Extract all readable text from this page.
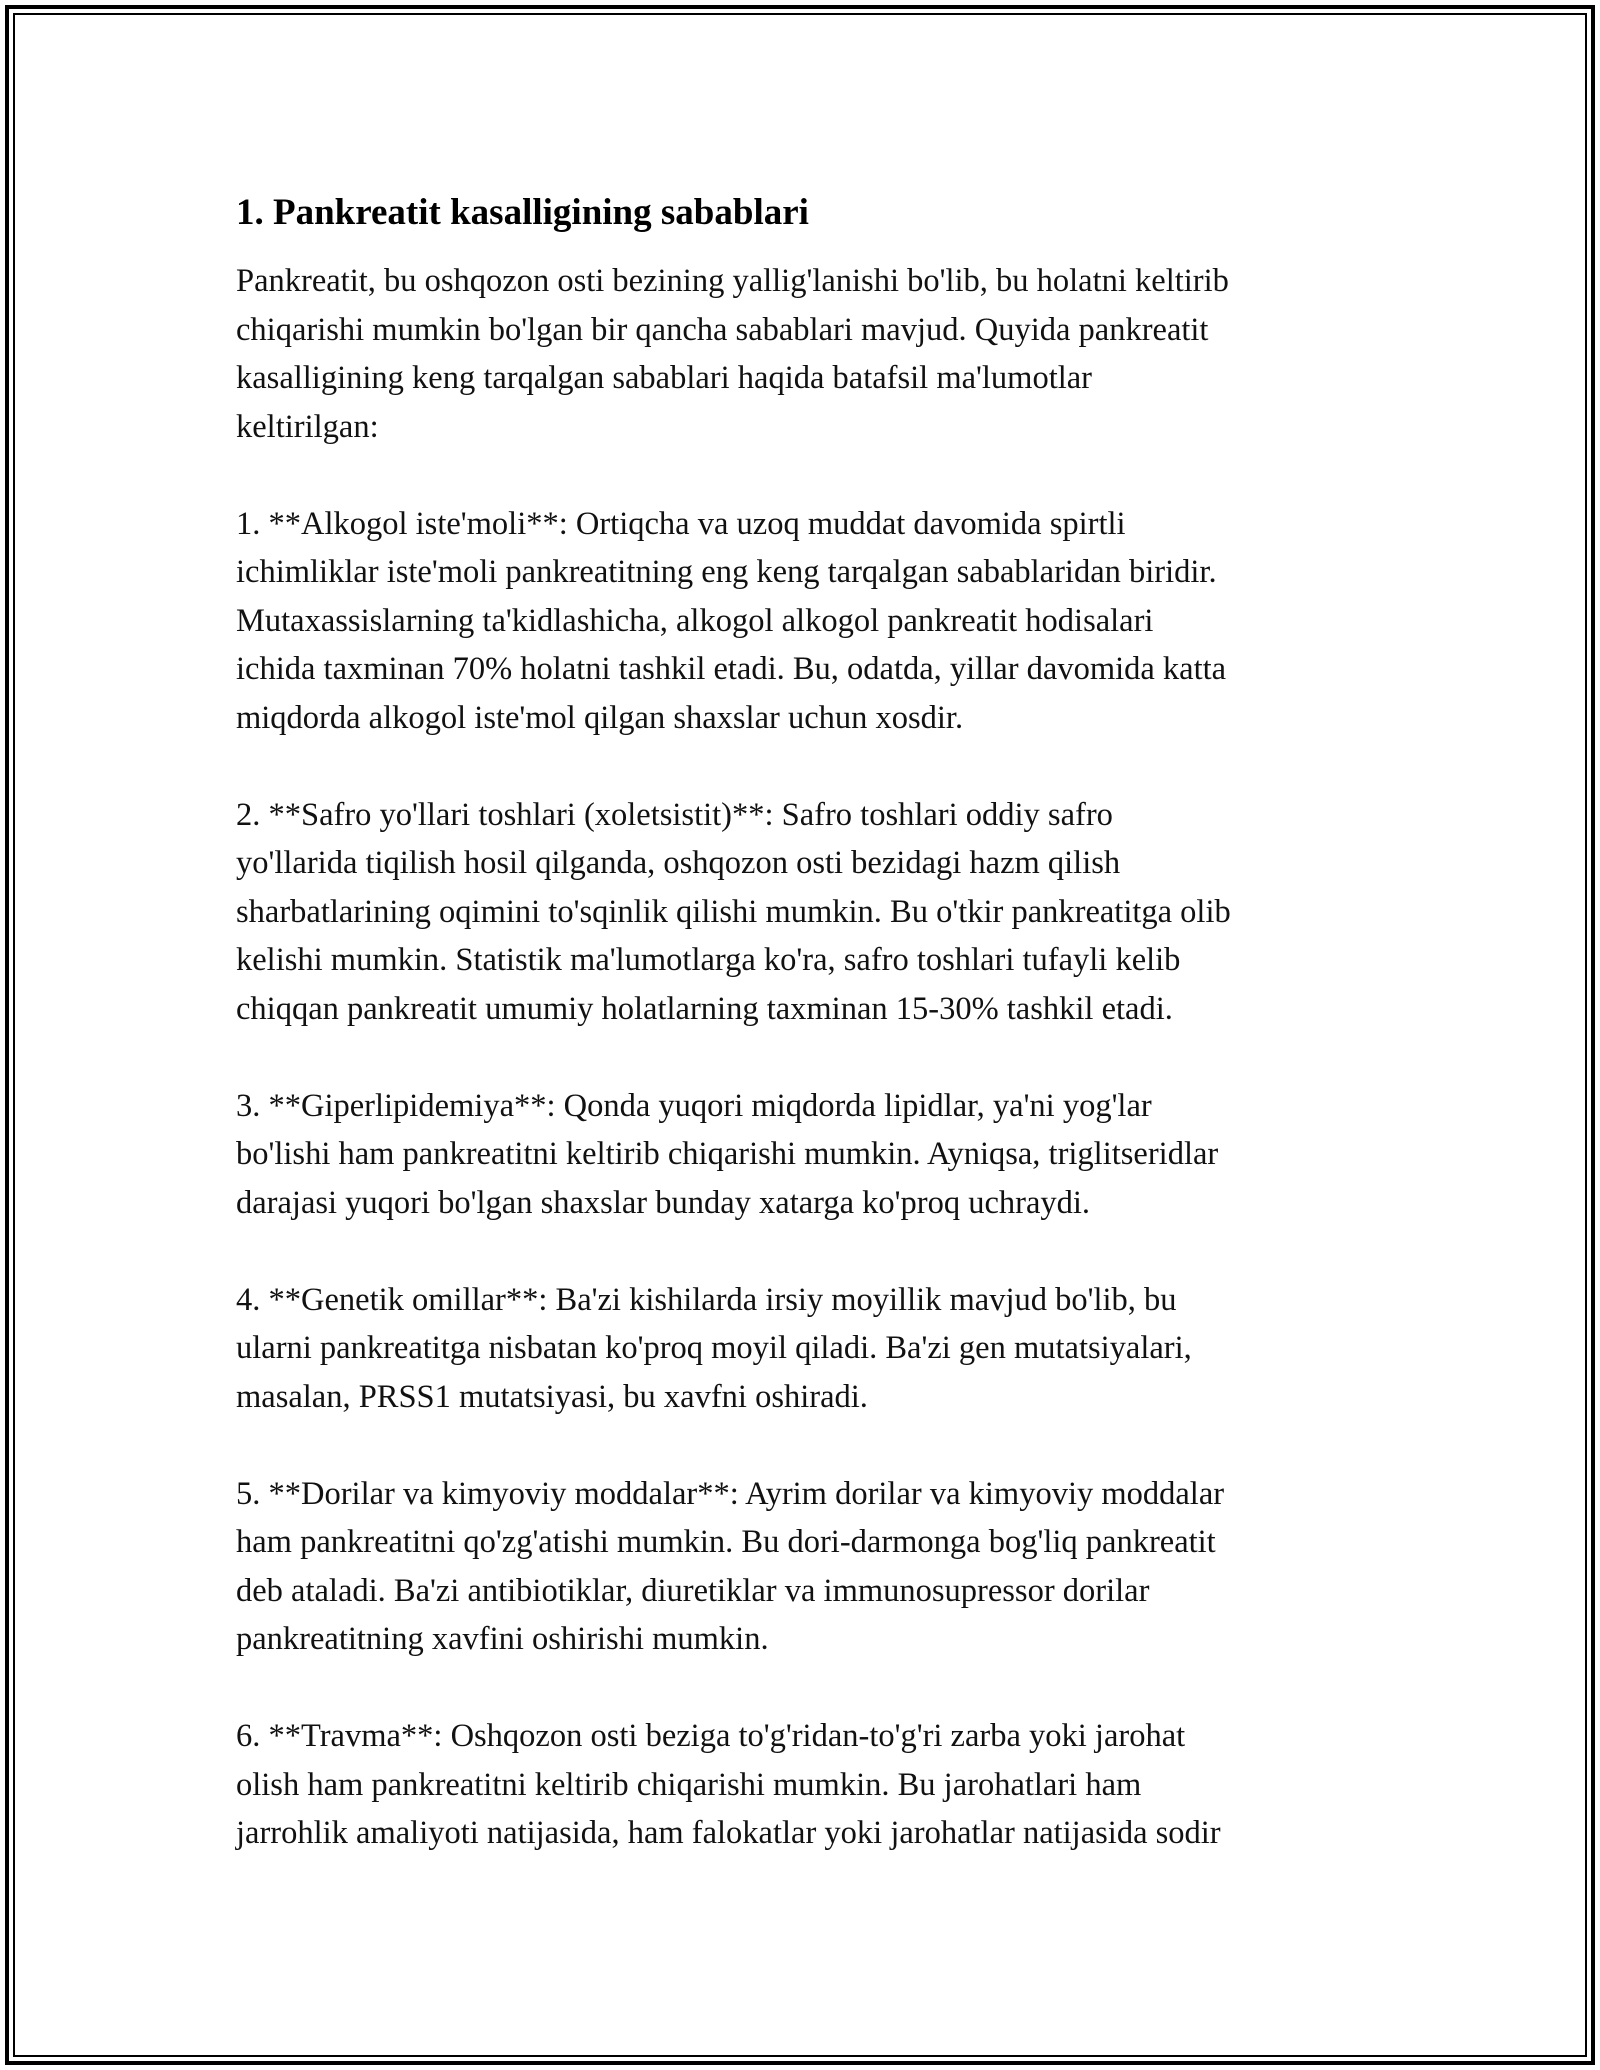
1. Pankreatit kasalligining sabablari

Pankreatit, bu oshqozon osti bezining yallig'lanishi bo'lib, bu holatni keltirib
chiqarishi mumkin bo'lgan bir qancha sabablari mavjud. Quyida pankreatit
kasalligining keng tarqalgan sabablari haqida batafsil ma'lumotlar
keltirilgan:

1. **Alkogol iste'moli**: Ortiqcha va uzoq muddat davomida spirtli
ichimliklar iste'moli pankreatitning eng keng tarqalgan sabablaridan biridir.
Mutaxassislarning ta'kidlashicha, alkogol alkogol pankreatit hodisalari
ichida taxminan 70% holatni tashkil etadi. Bu, odatda, yillar davomida katta
miqdorda alkogol iste'mol qilgan shaxslar uchun xosdir.

2. **Safro yo'llari toshlari (xoletsistit)**: Safro toshlari oddiy safro
yo'llarida tiqilish hosil qilganda, oshqozon osti bezidagi hazm qilish
sharbatlarining oqimini to'sqinlik qilishi mumkin. Bu o'tkir pankreatitga olib
kelishi mumkin. Statistik ma'lumotlarga ko'ra, safro toshlari tufayli kelib
chiqqan pankreatit umumiy holatlarning taxminan 15-30% tashkil etadi.

3. **Giperlipidemiya**: Qonda yuqori miqdorda lipidlar, ya'ni yog'lar
bo'lishi ham pankreatitni keltirib chiqarishi mumkin. Ayniqsa, triglitseridlar
darajasi yuqori bo'lgan shaxslar bunday xatarga ko'proq uchraydi.

4. **Genetik omillar**: Ba'zi kishilarda irsiy moyillik mavjud bo'lib, bu
ularni pankreatitga nisbatan ko'proq moyil qiladi. Ba'zi gen mutatsiyalari,
masalan, PRSS1 mutatsiyasi, bu xavfni oshiradi.

5. **Dorilar va kimyoviy moddalar**: Ayrim dorilar va kimyoviy moddalar
ham pankreatitni qo'zg'atishi mumkin. Bu dori-darmonga bog'liq pankreatit
deb ataladi. Ba'zi antibiotiklar, diuretiklar va immunosupressor dorilar
pankreatitning xavfini oshirishi mumkin.

6. **Travma**: Oshqozon osti beziga to'g'ridan-to'g'ri zarba yoki jarohat
olish ham pankreatitni keltirib chiqarishi mumkin. Bu jarohatlari ham
jarrohlik amaliyoti natijasida, ham falokatlar yoki jarohatlar natijasida sodir
